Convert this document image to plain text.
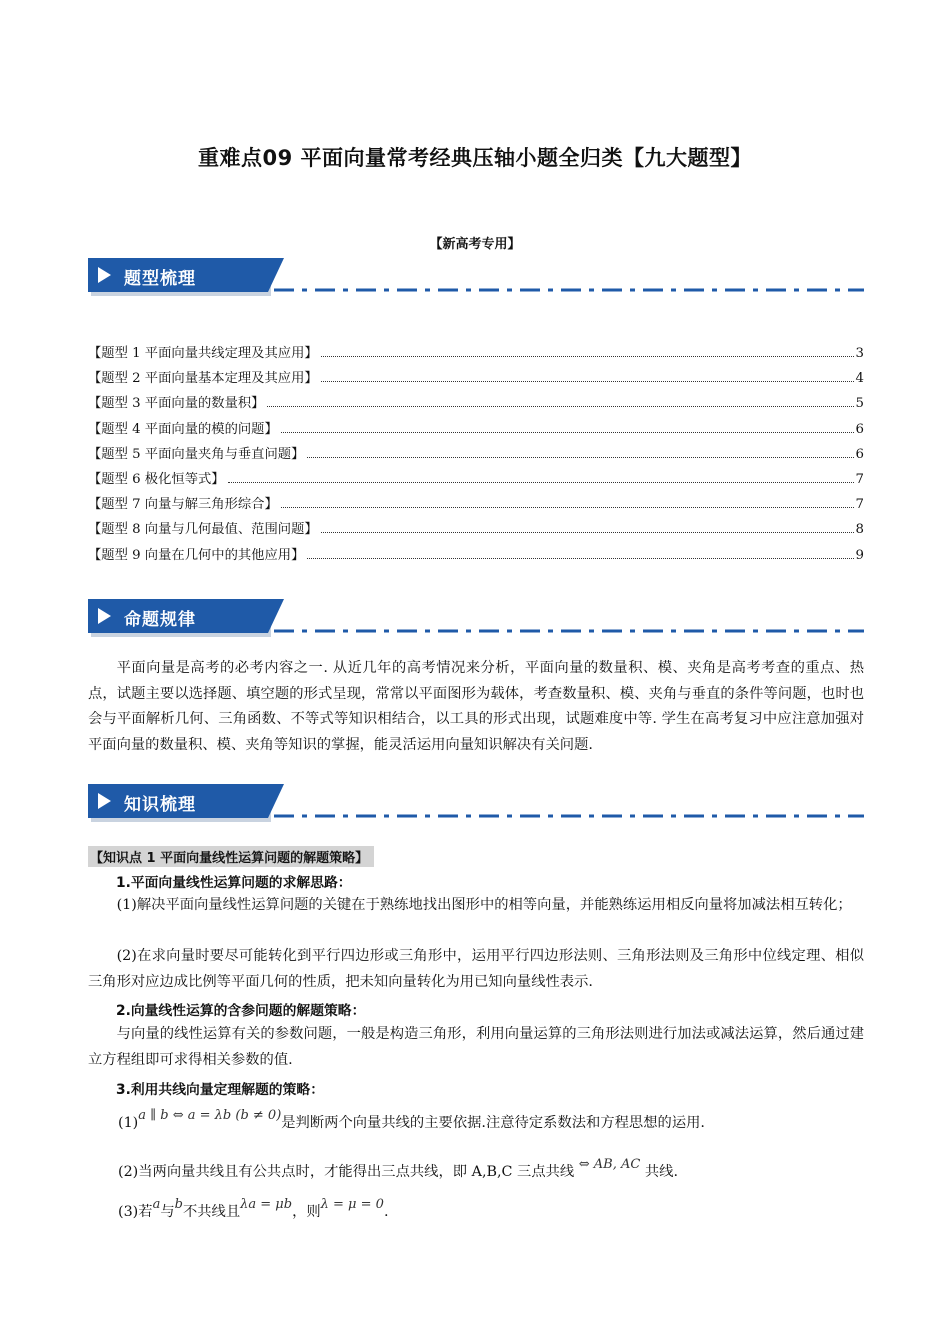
重难点09 平面向量常考经典压轴小题全归类【九大题型】
【新高考专用】
题型梳理
【题型 1 平面向量共线定理及其应用】	3
【题型 2 平面向量基本定理及其应用】	4
【题型 3 平面向量的数量积】	5
【题型 4 平面向量的模的问题】	6
【题型 5 平面向量夹角与垂直问题】	6
【题型 6 极化恒等式】	7
【题型 7 向量与解三角形综合】	7
【题型 8 向量与几何最值、范围问题】	8
【题型 9 向量在几何中的其他应用】	9
命题规律
平面向量是高考的必考内容之一. 从近几年的高考情况来分析，平面向量的数量积、模、夹角是高考考查的重点、热点，试题主要以选择题、填空题的形式呈现，常常以平面图形为载体，考查数量积、模、夹角与垂直的条件等问题，也时也会与平面解析几何、三角函数、不等式等知识相结合，以工具的形式出现，试题难度中等. 学生在高考复习中应注意加强对平面向量的数量积、模、夹角等知识的掌握，能灵活运用向量知识解决有关问题.
知识梳理
【知识点 1 平面向量线性运算问题的解题策略】
1.平面向量线性运算问题的求解思路：
(1)解决平面向量线性运算问题的关键在于熟练地找出图形中的相等向量，并能熟练运用相反向量将加减法相互转化；
(2)在求向量时要尽可能转化到平行四边形或三角形中，运用平行四边形法则、三角形法则及三角形中位线定理、相似三角形对应边成比例等平面几何的性质，把未知向量转化为用已知向量线性表示.
2.向量线性运算的含参问题的解题策略：
与向量的线性运算有关的参数问题，一般是构造三角形，利用向量运算的三角形法则进行加法或减法运算，然后通过建立方程组即可求得相关参数的值.
3.利用共线向量定理解题的策略：
(1)a ∥ b ⇔ a = λb (b ≠ 0)是判断两个向量共线的主要依据.注意待定系数法和方程思想的运用.
(2)当两向量共线且有公共点时，才能得出三点共线，即 A,B,C 三点共线 ⇔ AB, AC 共线.
(3)若a与b不共线且λa = μb，则λ = μ = 0.
